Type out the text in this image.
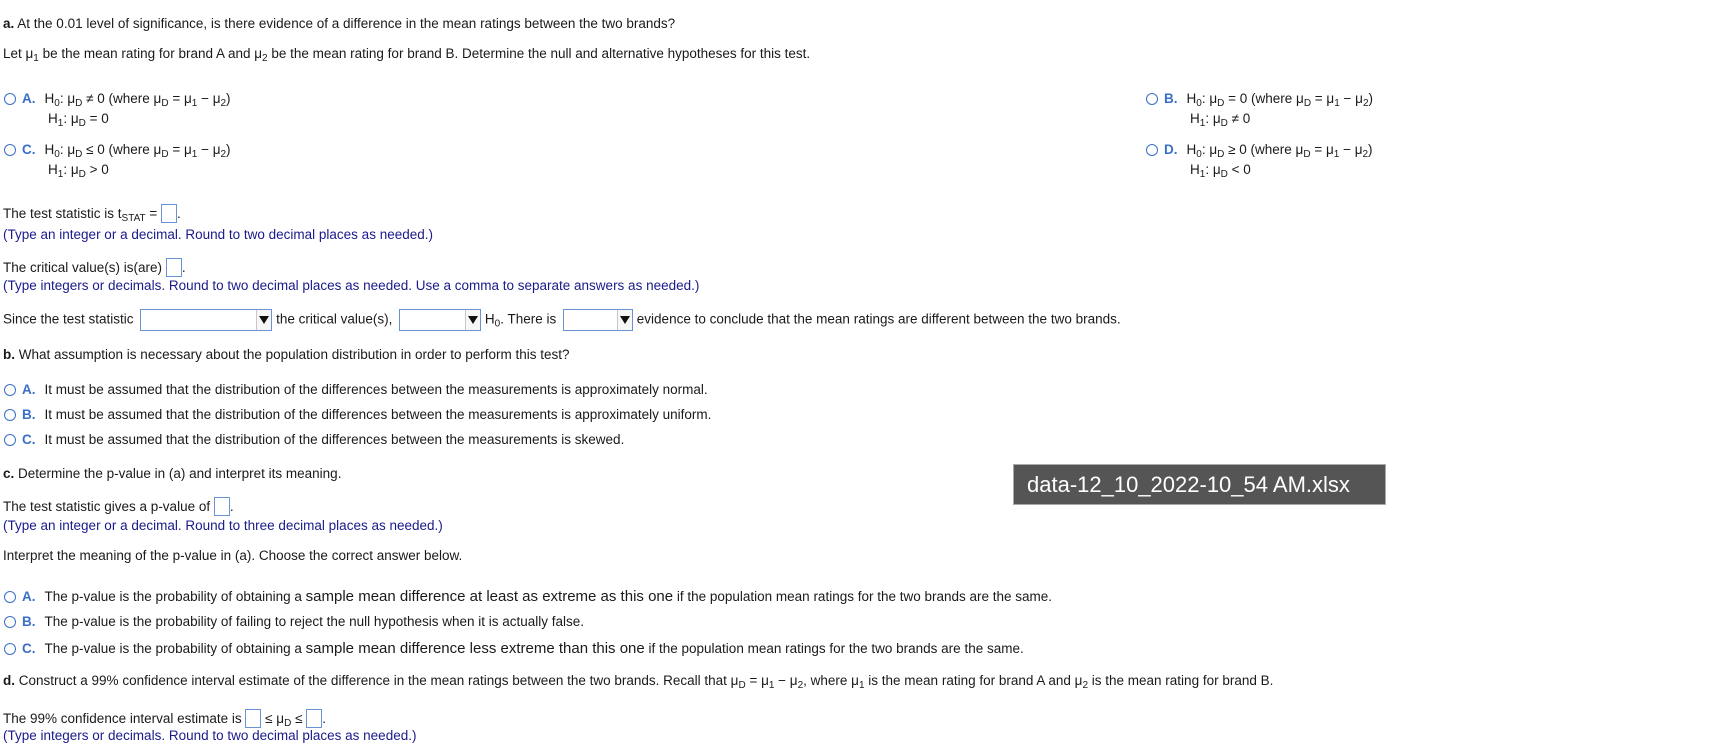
a. At the 0.01 level of significance, is there evidence of a difference in the mean ratings between the two brands?
Let $\mu_1$ be the mean rating for brand A and $\mu_2$ be the mean rating for brand B. Determine the null and alternative hypotheses for this test.
A. $H_0$: $\mu_D \ne 0$ (where $\mu_D = \mu_1 - \mu_2$)
$H_1$: $\mu_D = 0$
B. $H_0$: $\mu_D = 0$ (where $\mu_D = \mu_1 - \mu_2$)
$H_1$: $\mu_D \ne 0$
C. $H_0$: $\mu_D \le 0$ (where $\mu_D = \mu_1 - \mu_2$)
$H_1$: $\mu_D > 0$
D. $H_0$: $\mu_D \ge 0$ (where $\mu_D = \mu_1 - \mu_2$)
$H_1$: $\mu_D < 0$
The test statistic is $t_{STAT}$ = .
(Type an integer or a decimal. Round to two decimal places as needed.)
The critical value(s) is(are) .
(Type integers or decimals. Round to two decimal places as needed. Use a comma to separate answers as needed.)
Since the test statistic	the critical value(s),	$H_0$. There is	evidence to conclude that the mean ratings are different between the two brands.
b. What assumption is necessary about the population distribution in order to perform this test?
A. It must be assumed that the distribution of the differences between the measurements is approximately normal.
B. It must be assumed that the distribution of the differences between the measurements is approximately uniform.
C. It must be assumed that the distribution of the differences between the measurements is skewed.
c. Determine the p-value in (a) and interpret its meaning.
The test statistic gives a p-value of .
(Type an integer or a decimal. Round to three decimal places as needed.)
Interpret the meaning of the p-value in (a). Choose the correct answer below.
A. The p-value is the probability of obtaining a sample mean difference at least as extreme as this one if the population mean ratings for the two brands are the same.
B. The p-value is the probability of failing to reject the null hypothesis when it is actually false.
C. The p-value is the probability of obtaining a sample mean difference less extreme than this one if the population mean ratings for the two brands are the same.
d. Construct a 99% confidence interval estimate of the difference in the mean ratings between the two brands. Recall that $\mu_D = \mu_1 - \mu_2$, where $\mu_1$ is the mean rating for brand A and $\mu_2$ is the mean rating for brand B.
The 99% confidence interval estimate is  ≤ $\mu_D$ ≤ .
(Type integers or decimals. Round to two decimal places as needed.)
data-12_10_2022-10_54 AM.xlsx
